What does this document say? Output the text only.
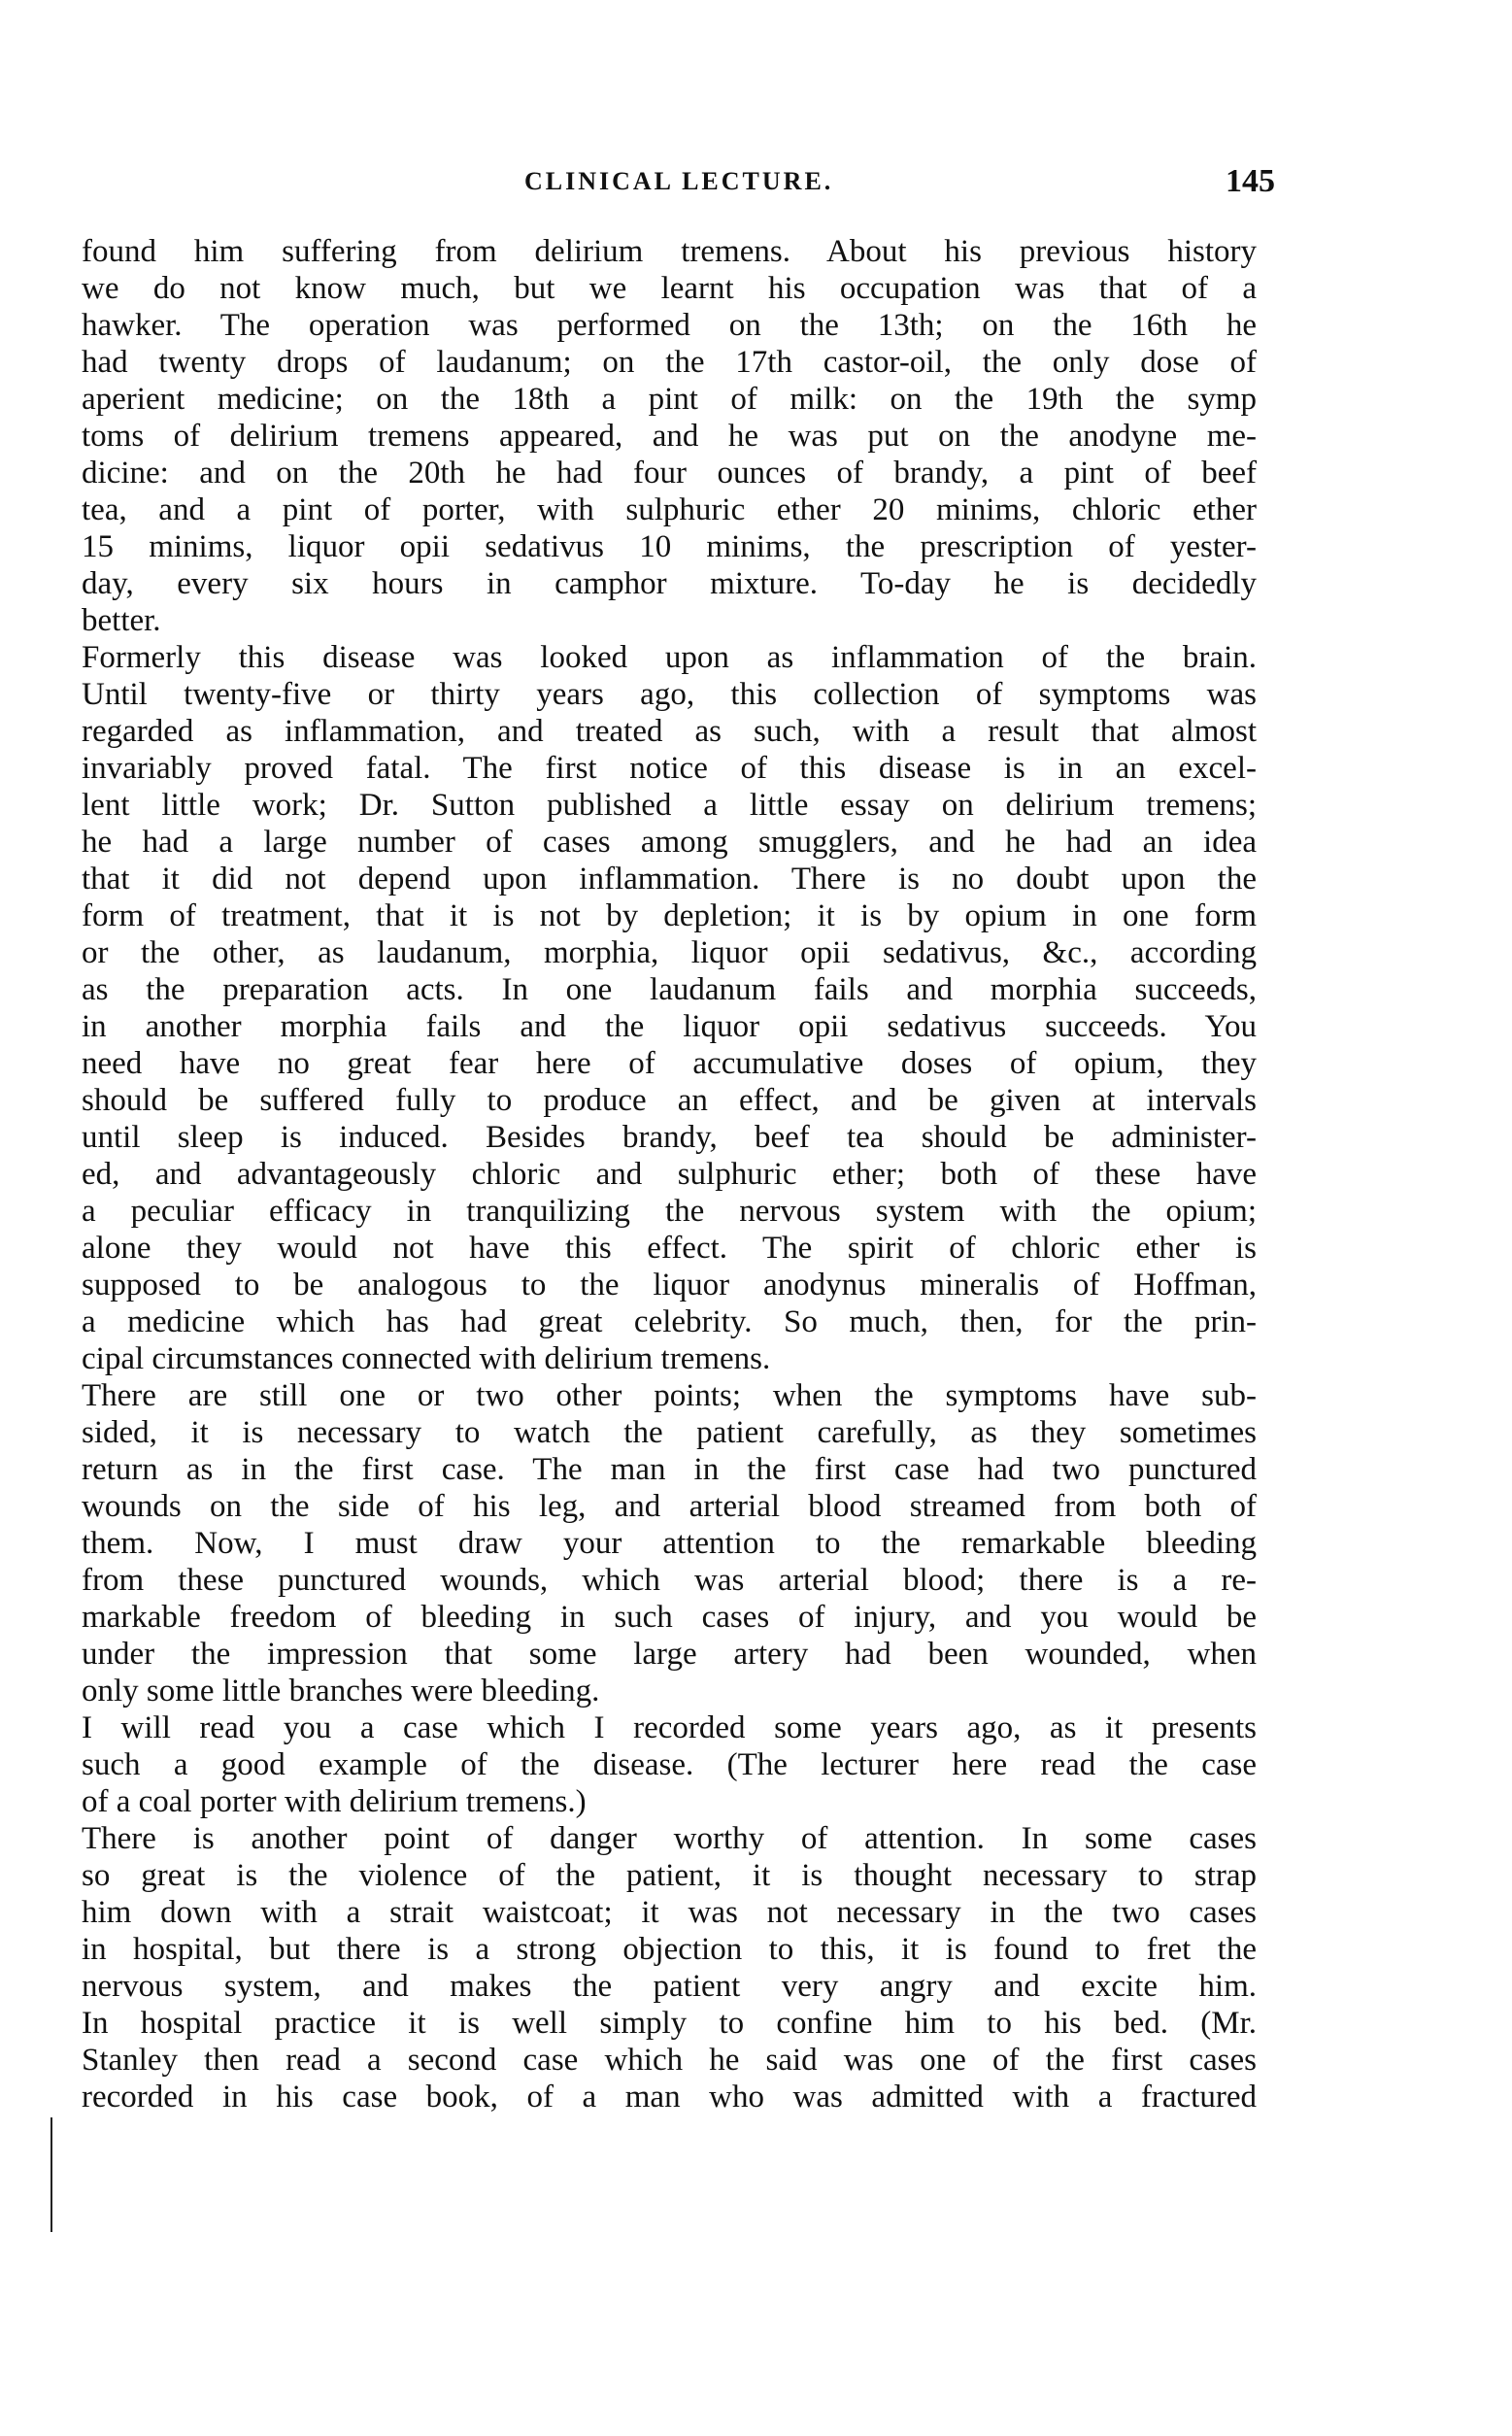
CLINICAL LECTURE.	145
found him suffering from delirium tremens. About his previous history
we do not know much, but we learnt his occupation was that of a
hawker. The operation was performed on the 13th; on the 16th he
had twenty drops of laudanum; on the 17th castor-oil, the only dose of
aperient medicine; on the 18th a pint of milk: on the 19th the symp
toms of delirium tremens appeared, and he was put on the anodyne me-
dicine: and on the 20th he had four ounces of brandy, a pint of beef
tea, and a pint of porter, with sulphuric ether 20 minims, chloric ether
15 minims, liquor opii sedativus 10 minims, the prescription of yester-
day, every six hours in camphor mixture. To-day he is decidedly
better.
Formerly this disease was looked upon as inflammation of the brain.
Until twenty-five or thirty years ago, this collection of symptoms was
regarded as inflammation, and treated as such, with a result that almost
invariably proved fatal. The first notice of this disease is in an excel-
lent little work; Dr. Sutton published a little essay on delirium tremens;
he had a large number of cases among smugglers, and he had an idea
that it did not depend upon inflammation. There is no doubt upon the
form of treatment, that it is not by depletion; it is by opium in one form
or the other, as laudanum, morphia, liquor opii sedativus, &c., according
as the preparation acts. In one laudanum fails and morphia succeeds,
in another morphia fails and the liquor opii sedativus succeeds. You
need have no great fear here of accumulative doses of opium, they
should be suffered fully to produce an effect, and be given at intervals
until sleep is induced. Besides brandy, beef tea should be administer-
ed, and advantageously chloric and sulphuric ether; both of these have
a peculiar efficacy in tranquilizing the nervous system with the opium;
alone they would not have this effect. The spirit of chloric ether is
supposed to be analogous to the liquor anodynus mineralis of Hoffman,
a medicine which has had great celebrity. So much, then, for the prin-
cipal circumstances connected with delirium tremens.
There are still one or two other points; when the symptoms have sub-
sided, it is necessary to watch the patient carefully, as they sometimes
return as in the first case. The man in the first case had two punctured
wounds on the side of his leg, and arterial blood streamed from both of
them. Now, I must draw your attention to the remarkable bleeding
from these punctured wounds, which was arterial blood; there is a re-
markable freedom of bleeding in such cases of injury, and you would be
under the impression that some large artery had been wounded, when
only some little branches were bleeding.
I will read you a case which I recorded some years ago, as it presents
such a good example of the disease. (The lecturer here read the case
of a coal porter with delirium tremens.)
There is another point of danger worthy of attention. In some cases
so great is the violence of the patient, it is thought necessary to strap
him down with a strait waistcoat; it was not necessary in the two cases
in hospital, but there is a strong objection to this, it is found to fret the
nervous system, and makes the patient very angry and excite him.
In hospital practice it is well simply to confine him to his bed. (Mr.
Stanley then read a second case which he said was one of the first cases
recorded in his case book, of a man who was admitted with a fractured
